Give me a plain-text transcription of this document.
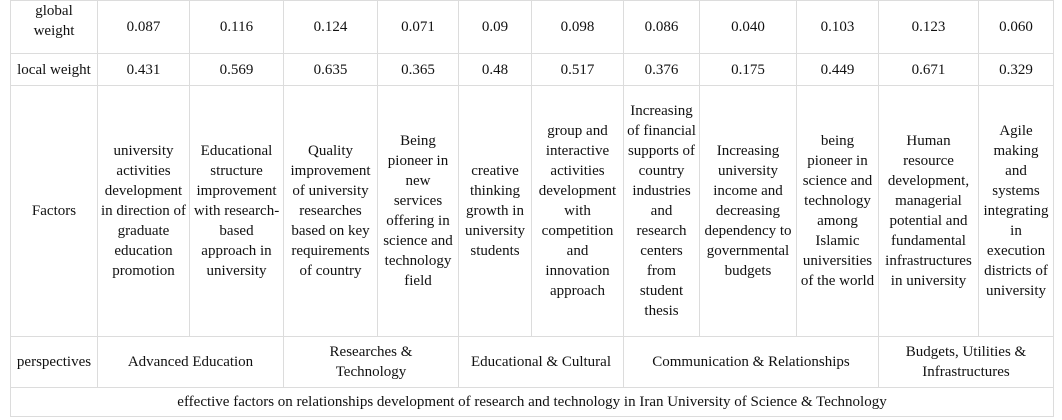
global
weight	0.087	0.116	0.124	0.071	0.09	0.098	0.086	0.040	0.103	0.123	0.060
local weight	0.431	0.569	0.635	0.365	0.48	0.517	0.376	0.175	0.449	0.671	0.329
Factors	university activities development in direction of graduate education promotion	Educational structure improvement with research-based approach in university	Quality improvement of university researches based on key requirements of country	Being pioneer in new services offering in science and technology field	creative thinking growth in university students	group and interactive activities development with competition and innovation approach	Increasing of financial supports of country industries and research centers from student thesis	Increasing university income and decreasing dependency to governmental budgets	being pioneer in science and technology among Islamic universities of the world	Human resource development, managerial potential and fundamental infrastructures in university	Agile making and systems integrating in execution districts of university
perspectives	Advanced Education		Researches & Technology		Educational & Cultural		Communication & Relationships			Budgets, Utilities & Infrastructures	
effective factors on relationships development of research and technology in Iran University of Science & Technology											
